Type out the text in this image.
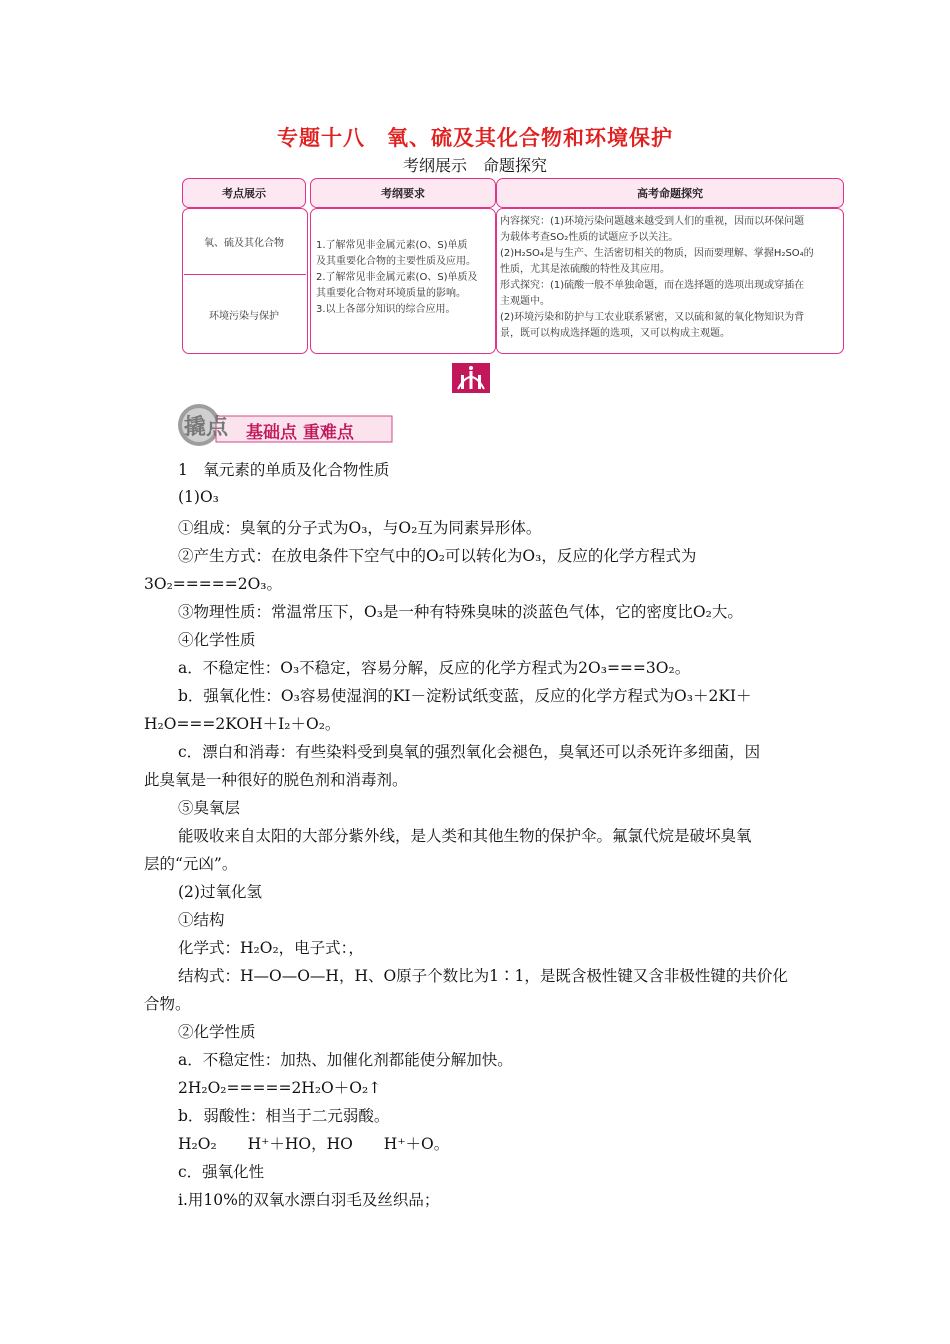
专题十八　氧、硫及其化合物和环境保护
考纲展示　命题探究
考点展示	考纲要求	高考命题探究
氧、硫及其化合物
环境污染与保护

1.了解常见非金属元素(O、S)单质

及其重要化合物的主要性质及应用。

2.了解常见非金属元素(O、S)单质及

其重要化合物对环境质量的影响。

3.以上各部分知识的综合应用。

内容探究：(1)环境污染问题越来越受到人们的重视，因而以环保问题

为载体考查SO₂性质的试题应予以关注。

(2)H₂SO₄是与生产、生活密切相关的物质，因而要理解、掌握H₂SO₄的

性质，尤其是浓硫酸的特性及其应用。

形式探究：(1)硫酸一般不单独命题，而在选择题的选项出现或穿插在

主观题中。

(2)环境污染和防护与工农业联系紧密，又以硫和氮的氧化物知识为背

景，既可以构成选择题的选项，又可以构成主观题。

撬点 基础点 重难点
1　氧元素的单质及化合物性质
(1)O₃
①组成：臭氧的分子式为O₃，与O₂互为同素异形体。
②产生方式：在放电条件下空气中的O₂可以转化为O₃，反应的化学方程式为
3O₂=====2O₃。
③物理性质：常温常压下，O₃是一种有特殊臭味的淡蓝色气体，它的密度比O₂大。
④化学性质
a．不稳定性：O₃不稳定，容易分解，反应的化学方程式为2O₃===3O₂。
b．强氧化性：O₃容易使湿润的KI－淀粉试纸变蓝，反应的化学方程式为O₃＋2KI＋
H₂O===2KOH＋I₂＋O₂。
c．漂白和消毒：有些染料受到臭氧的强烈氧化会褪色，臭氧还可以杀死许多细菌，因
此臭氧是一种很好的脱色剂和消毒剂。
⑤臭氧层
能吸收来自太阳的大部分紫外线，是人类和其他生物的保护伞。氟氯代烷是破坏臭氧
层的“元凶”。
(2)过氧化氢
①结构
化学式：H₂O₂，电子式：，
结构式：H—O—O—H，H、O原子个数比为1∶1，是既含极性键又含非极性键的共价化
合物。
②化学性质
a．不稳定性：加热、加催化剂都能使分解加快。
2H₂O₂=====2H₂O＋O₂↑
b．弱酸性：相当于二元弱酸。
H₂O₂　　H⁺＋HO，HO　　H⁺＋O。
c．强氧化性
ⅰ.用10%的双氧水漂白羽毛及丝织品；
